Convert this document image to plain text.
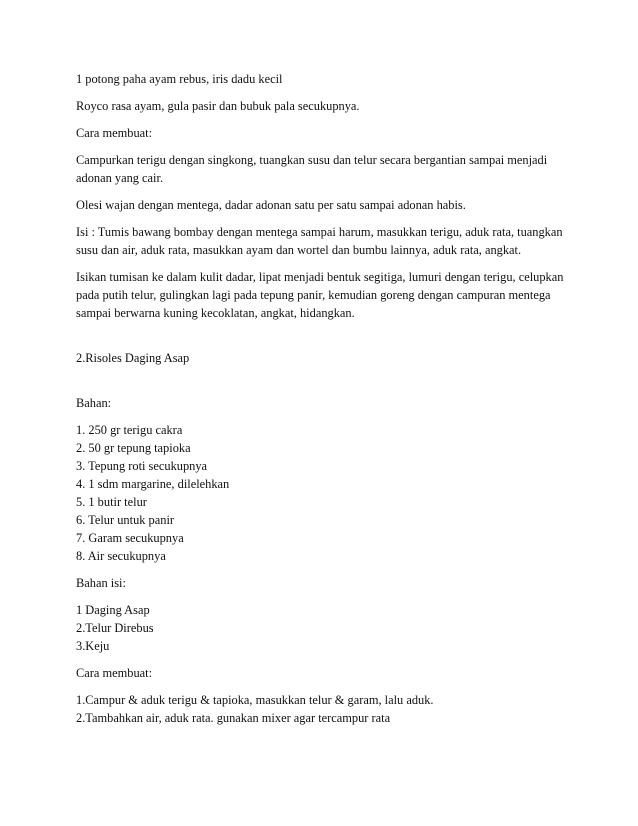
1 potong paha ayam rebus, iris dadu kecil

Royco rasa ayam, gula pasir dan bubuk pala secukupnya.

Cara membuat:

Campurkan terigu dengan singkong, tuangkan susu dan telur secara bergantian sampai menjadi adonan yang cair.

Olesi wajan dengan mentega, dadar adonan satu per satu sampai adonan habis.

Isi : Tumis bawang bombay dengan mentega sampai harum, masukkan terigu, aduk rata, tuangkan susu dan air, aduk rata, masukkan ayam dan wortel dan bumbu lainnya, aduk rata, angkat.

Isikan tumisan ke dalam kulit dadar, lipat menjadi bentuk segitiga, lumuri dengan terigu, celupkan pada putih telur, gulingkan lagi pada tepung panir, kemudian goreng dengan campuran mentega sampai berwarna kuning kecoklatan, angkat, hidangkan.

2.Risoles Daging Asap

Bahan:

1. 250 gr terigu cakra
2. 50 gr tepung tapioka
3. Tepung roti secukupnya
4. 1 sdm margarine, dilelehkan
5. 1 butir telur
6. Telur untuk panir
7. Garam secukupnya
8. Air secukupnya

Bahan isi:

1 Daging Asap
2.Telur Direbus
3.Keju

Cara membuat:

1.Campur & aduk terigu & tapioka, masukkan telur & garam, lalu aduk.
2.Tambahkan air, aduk rata. gunakan mixer agar tercampur rata
